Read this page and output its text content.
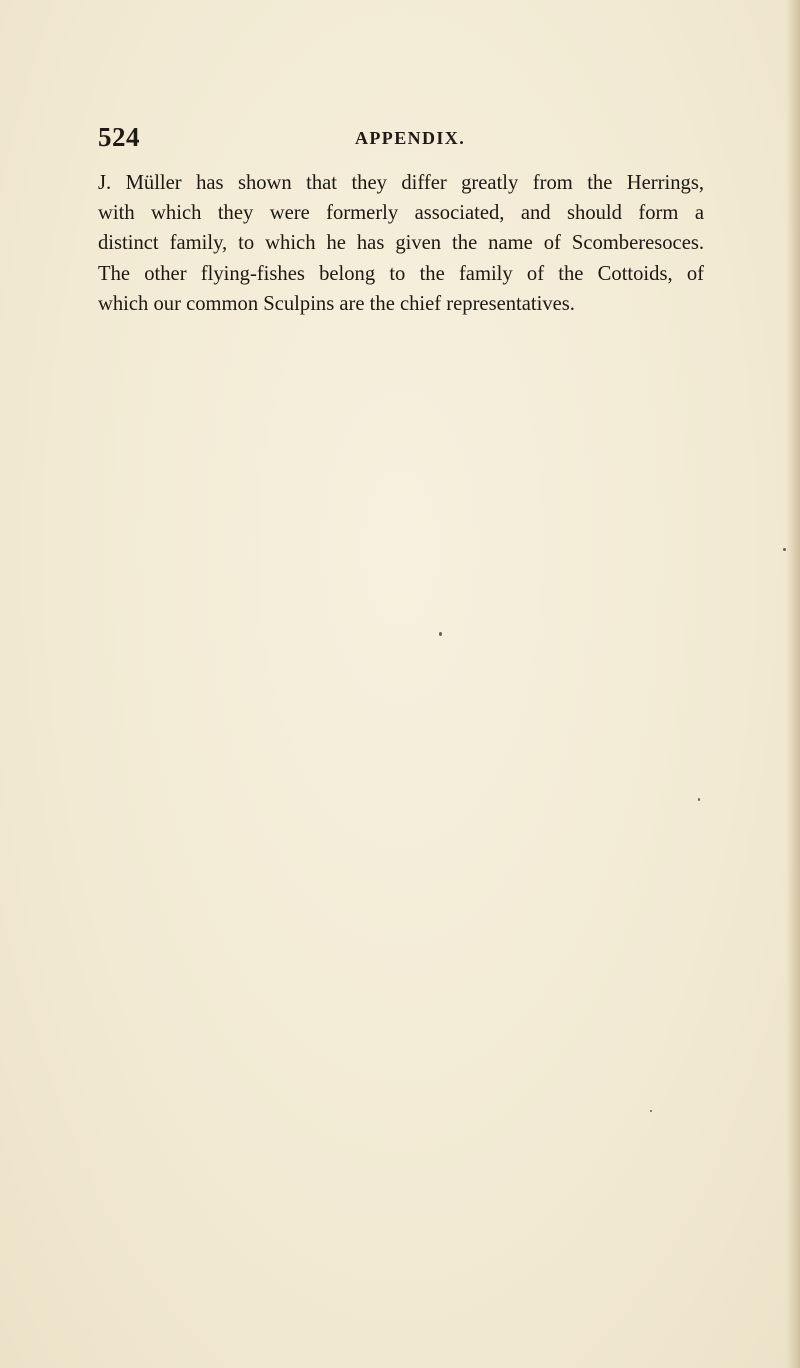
524	APPENDIX.
J. Müller has shown that they differ greatly from the Herrings,
with which they were formerly associated, and should form a
distinct family, to which he has given the name of Scomberesoces.
The other flying-fishes belong to the family of the Cottoids, of
which our common Sculpins are the chief representatives.
